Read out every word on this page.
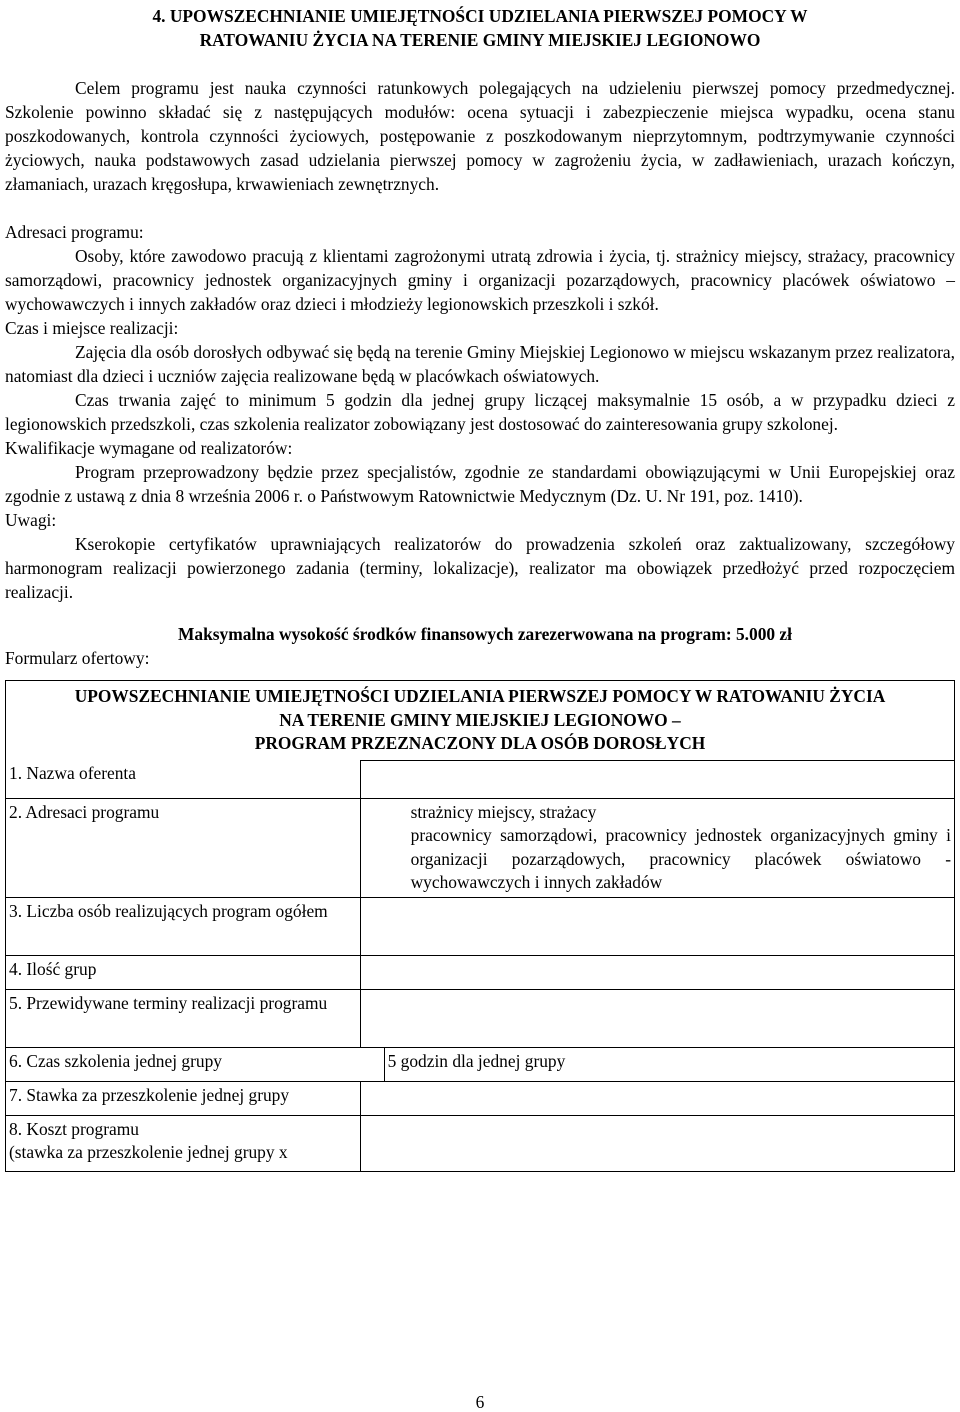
4. UPOWSZECHNIANIE UMIEJĘTNOŚCI UDZIELANIA PIERWSZEJ POMOCY W
RATOWANIU ŻYCIA NA TERENIE GMINY MIEJSKIEJ LEGIONOWO

Celem programu jest nauka czynności ratunkowych polegających na udzieleniu pierwszej pomocy przedmedycznej. Szkolenie powinno składać się z następujących modułów: ocena sytuacji i zabezpieczenie miejsca wypadku, ocena stanu poszkodowanych, kontrola czynności życiowych, postępowanie z poszkodowanym nieprzytomnym, podtrzymywanie czynności życiowych, nauka podstawowych zasad udzielania pierwszej pomocy w zagrożeniu życia, w zadławieniach, urazach kończyn, złamaniach, urazach kręgosłupa, krwawieniach zewnętrznych.

Adresaci programu:

Osoby, które zawodowo pracują z klientami zagrożonymi utratą zdrowia i życia, tj. strażnicy miejscy, strażacy, pracownicy samorządowi, pracownicy jednostek organizacyjnych gminy i organizacji pozarządowych, pracownicy placówek oświatowo – wychowawczych i innych zakładów oraz dzieci i młodzieży legionowskich przeszkoli i szkół.

Czas i miejsce realizacji:

Zajęcia dla osób dorosłych odbywać się będą na terenie Gminy Miejskiej Legionowo w miejscu wskazanym przez realizatora, natomiast dla dzieci i uczniów zajęcia realizowane będą w placówkach oświatowych.

Czas trwania zajęć to minimum 5 godzin dla jednej grupy liczącej maksymalnie 15 osób, a w przypadku dzieci z legionowskich przedszkoli, czas szkolenia realizator zobowiązany jest dostosować do zainteresowania grupy szkolonej.

Kwalifikacje wymagane od realizatorów:

Program przeprowadzony będzie przez specjalistów, zgodnie ze standardami obowiązującymi w Unii Europejskiej oraz zgodnie z ustawą z dnia 8 września 2006 r. o Państwowym Ratownictwie Medycznym (Dz. U. Nr 191, poz. 1410).

Uwagi:

Kserokopie certyfikatów uprawniających realizatorów do prowadzenia szkoleń oraz zaktualizowany, szczegółowy harmonogram realizacji powierzonego zadania (terminy, lokalizacje), realizator ma obowiązek przedłożyć przed rozpoczęciem realizacji.

Maksymalna wysokość środków finansowych zarezerwowana na program: 5.000 zł

Formularz ofertowy:

UPOWSZECHNIANIE UMIEJĘTNOŚCI UDZIELANIA PIERWSZEJ POMOCY W RATOWANIU ŻYCIA
NA TERENIE GMINY MIEJSKIEJ LEGIONOWO –
PROGRAM PRZEZNACZONY DLA OSÓB DOROSŁYCH		

1. Nazwa oferenta		
2. Adresaci programu	strażnicy miejscy, strażacy
pracownicy samorządowi, pracownicy jednostek organizacyjnych gminy i organizacji pozarządowych, pracownicy placówek oświatowo - wychowawczych i innych zakładów	

3. Liczba osób realizujących program ogółem		
4. Ilość grup		
5. Przewidywane terminy realizacji programu		
6. Czas szkolenia jednej grupy		5 godzin dla jednej grupy
7. Stawka za przeszkolenie jednej grupy		

8. Koszt programu
(stawka za przeszkolenie jednej grupy x		

6
